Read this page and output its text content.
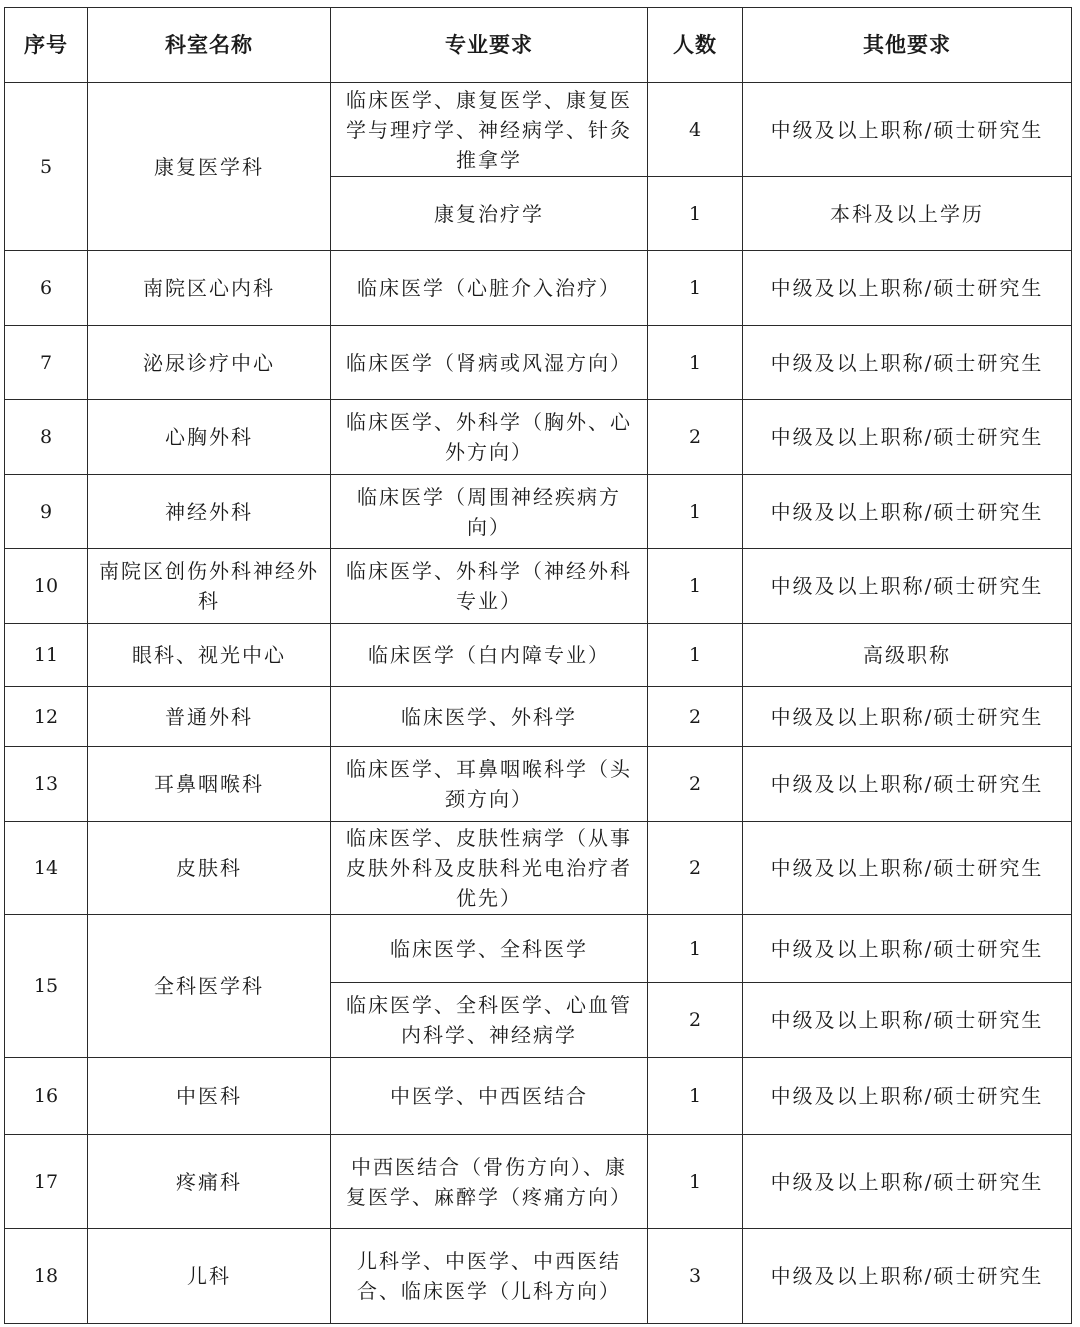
序号	科室名称	专业要求	人数	其他要求
5	康复医学科	临床医学、康复医学、康复医学与理疗学、神经病学、针灸推拿学	4	中级及以上职称/硕士研究生
		康复治疗学	1	本科及以上学历
6	南院区心内科	临床医学（心脏介入治疗）	1	中级及以上职称/硕士研究生
7	泌尿诊疗中心	临床医学（肾病或风湿方向）	1	中级及以上职称/硕士研究生
8	心胸外科	临床医学、外科学（胸外、心外方向）	2	中级及以上职称/硕士研究生
9	神经外科	临床医学（周围神经疾病方向）	1	中级及以上职称/硕士研究生
10	南院区创伤外科神经外科	临床医学、外科学（神经外科专业）	1	中级及以上职称/硕士研究生
11	眼科、视光中心	临床医学（白内障专业）	1	高级职称
12	普通外科	临床医学、外科学	2	中级及以上职称/硕士研究生
13	耳鼻咽喉科	临床医学、耳鼻咽喉科学（头颈方向）	2	中级及以上职称/硕士研究生
14	皮肤科	临床医学、皮肤性病学（从事皮肤外科及皮肤科光电治疗者优先）	2	中级及以上职称/硕士研究生
15	全科医学科	临床医学、全科医学	1	中级及以上职称/硕士研究生
		临床医学、全科医学、心血管内科学、神经病学	2	中级及以上职称/硕士研究生
16	中医科	中医学、中西医结合	1	中级及以上职称/硕士研究生
17	疼痛科	中西医结合（骨伤方向）、康复医学、麻醉学（疼痛方向）	1	中级及以上职称/硕士研究生
18	儿科	儿科学、中医学、中西医结合、临床医学（儿科方向）	3	中级及以上职称/硕士研究生
